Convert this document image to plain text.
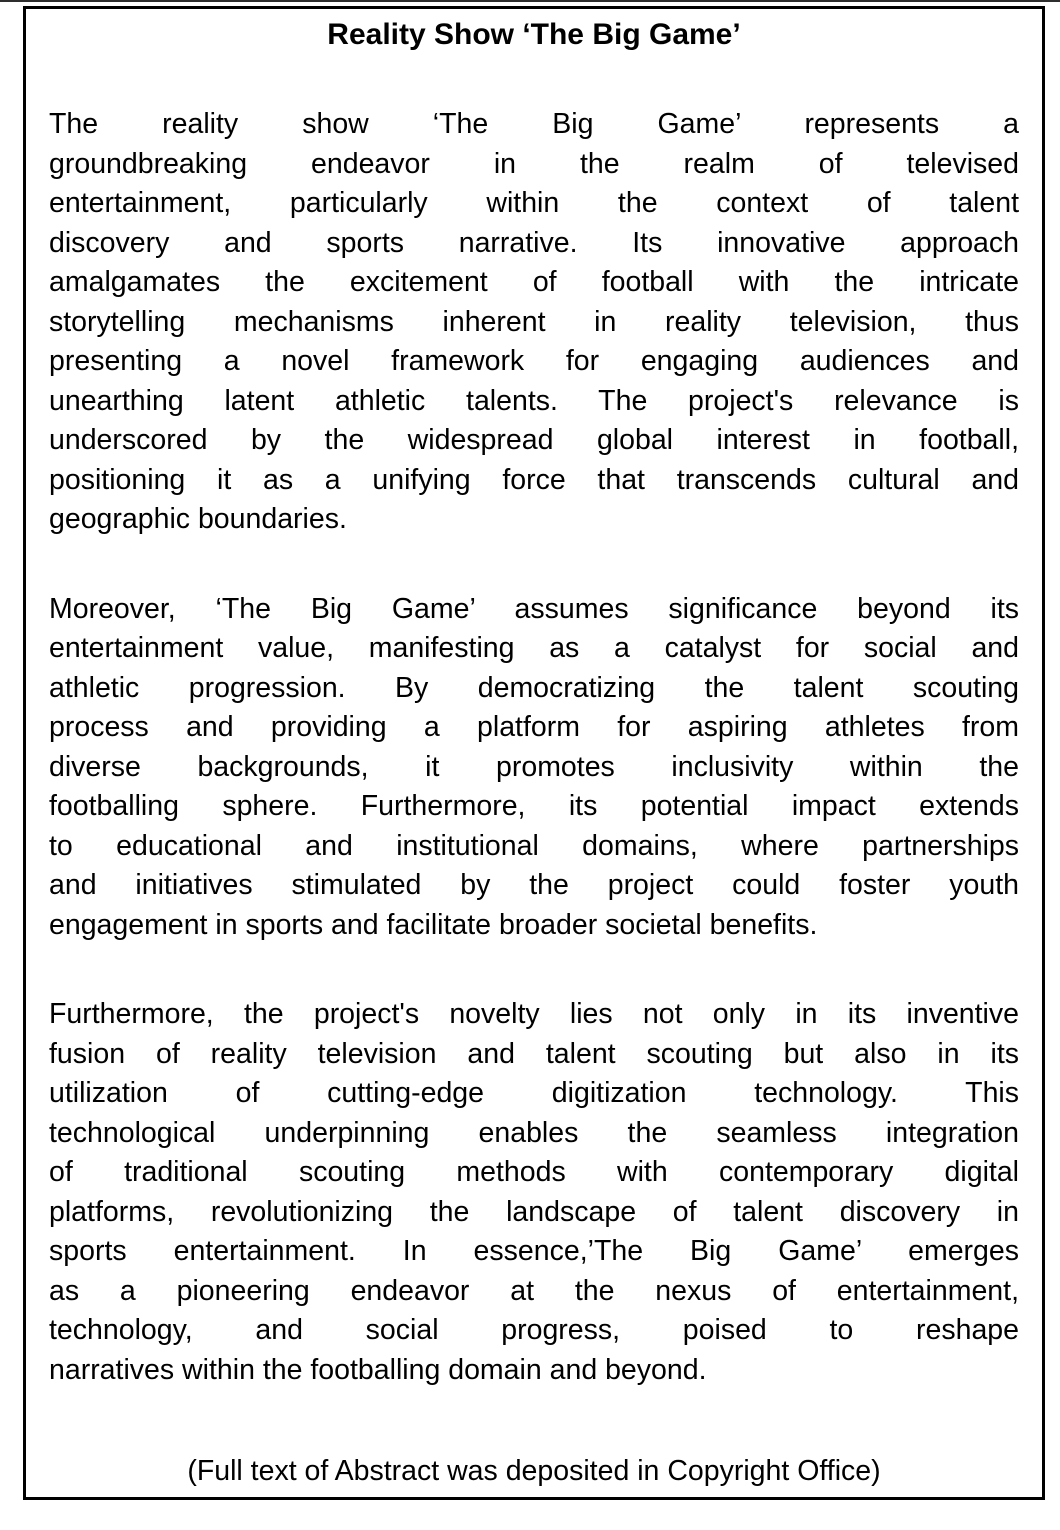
Reality Show ‘The Big Game’
The reality show ‘The Big Game’ represents a
groundbreaking endeavor in the realm of televised
entertainment, particularly within the context of talent
discovery and sports narrative. Its innovative approach
amalgamates the excitement of football with the intricate
storytelling mechanisms inherent in reality television, thus
presenting a novel framework for engaging audiences and
unearthing latent athletic talents. The project's relevance is
underscored by the widespread global interest in football,
positioning it as a unifying force that transcends cultural and
geographic boundaries.
Moreover, ‘The Big Game’ assumes significance beyond its
entertainment value, manifesting as a catalyst for social and
athletic progression. By democratizing the talent scouting
process and providing a platform for aspiring athletes from
diverse backgrounds, it promotes inclusivity within the
footballing sphere. Furthermore, its potential impact extends
to educational and institutional domains, where partnerships
and initiatives stimulated by the project could foster youth
engagement in sports and facilitate broader societal benefits.
Furthermore, the project's novelty lies not only in its inventive
fusion of reality television and talent scouting but also in its
utilization of cutting-edge digitization technology. This
technological underpinning enables the seamless integration
of traditional scouting methods with contemporary digital
platforms, revolutionizing the landscape of talent discovery in
sports entertainment. In essence,’The Big Game’ emerges
as a pioneering endeavor at the nexus of entertainment,
technology, and social progress, poised to reshape
narratives within the footballing domain and beyond.
(Full text of Abstract was deposited in Copyright Office)
